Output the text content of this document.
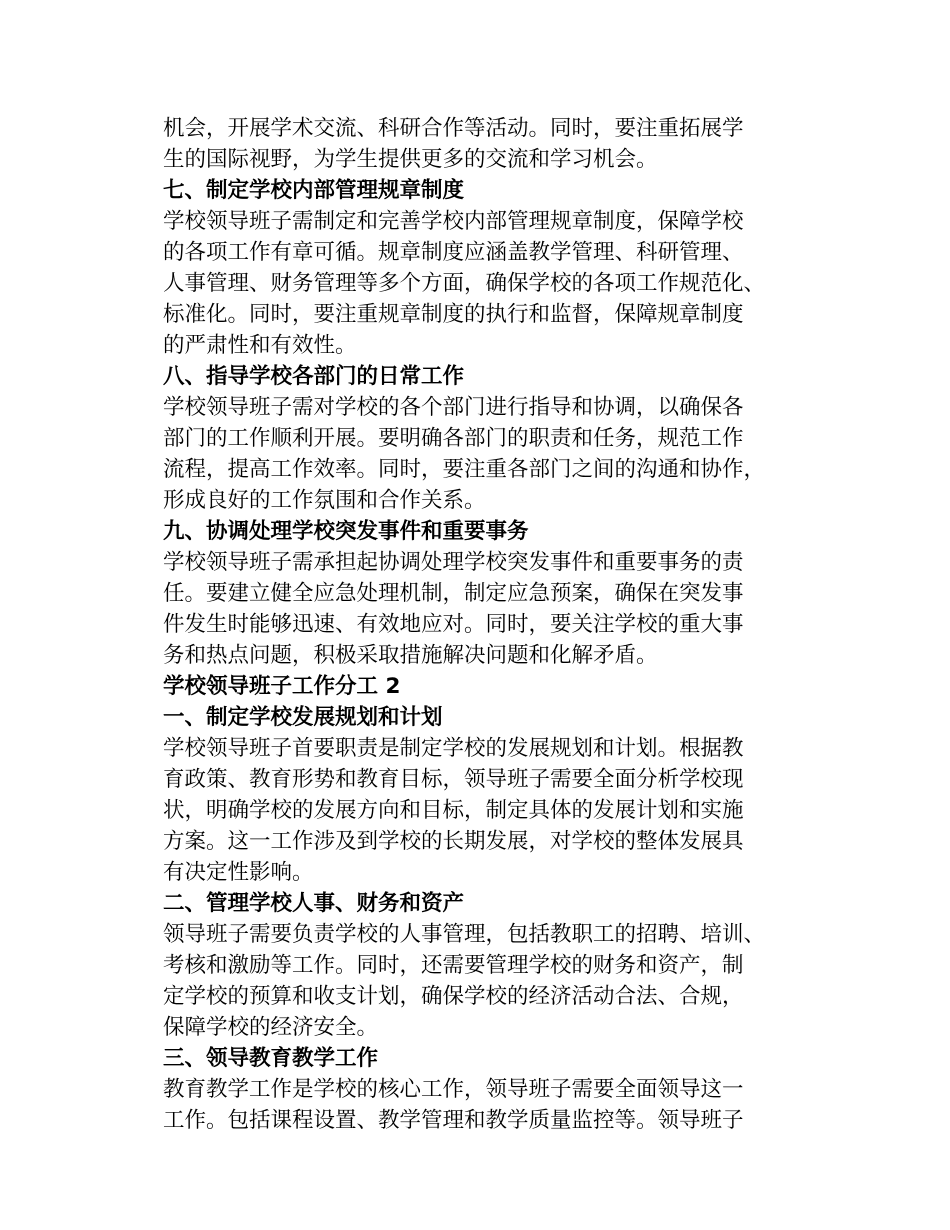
机会，开展学术交流、科研合作等活动。同时，要注重拓展学

生的国际视野，为学生提供更多的交流和学习机会。

七、制定学校内部管理规章制度

学校领导班子需制定和完善学校内部管理规章制度，保障学校

的各项工作有章可循。规章制度应涵盖教学管理、科研管理、

人事管理、财务管理等多个方面，确保学校的各项工作规范化、

标准化。同时，要注重规章制度的执行和监督，保障规章制度

的严肃性和有效性。

八、指导学校各部门的日常工作

学校领导班子需对学校的各个部门进行指导和协调，以确保各

部门的工作顺利开展。要明确各部门的职责和任务，规范工作

流程，提高工作效率。同时，要注重各部门之间的沟通和协作，

形成良好的工作氛围和合作关系。

九、协调处理学校突发事件和重要事务

学校领导班子需承担起协调处理学校突发事件和重要事务的责

任。要建立健全应急处理机制，制定应急预案，确保在突发事

件发生时能够迅速、有效地应对。同时，要关注学校的重大事

务和热点问题，积极采取措施解决问题和化解矛盾。

学校领导班子工作分工 2

一、制定学校发展规划和计划

学校领导班子首要职责是制定学校的发展规划和计划。根据教

育政策、教育形势和教育目标，领导班子需要全面分析学校现

状，明确学校的发展方向和目标，制定具体的发展计划和实施

方案。这一工作涉及到学校的长期发展，对学校的整体发展具

有决定性影响。

二、管理学校人事、财务和资产

领导班子需要负责学校的人事管理，包括教职工的招聘、培训、

考核和激励等工作。同时，还需要管理学校的财务和资产，制

定学校的预算和收支计划，确保学校的经济活动合法、合规，

保障学校的经济安全。

三、领导教育教学工作

教育教学工作是学校的核心工作，领导班子需要全面领导这一

工作。包括课程设置、教学管理和教学质量监控等。领导班子
